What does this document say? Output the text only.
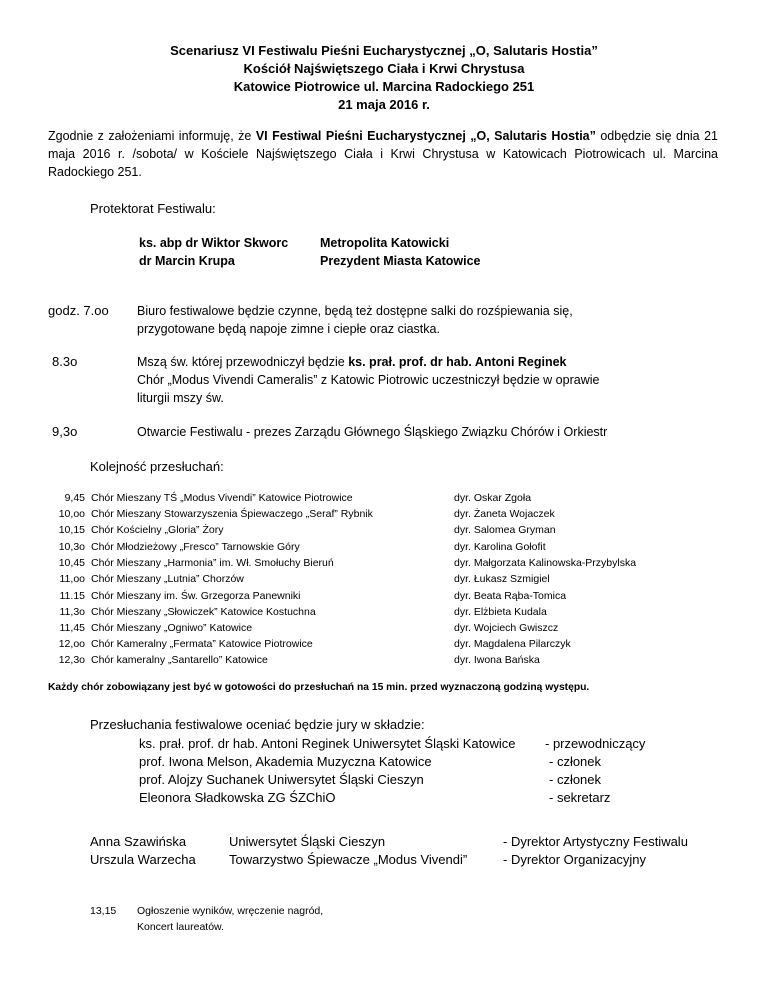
Scenariusz VI Festiwalu Pieśni Eucharystycznej „O, Salutaris Hostia”
Kościół Najświętszego Ciała i Krwi Chrystusa
Katowice Piotrowice ul. Marcina Radockiego 251
21 maja 2016 r.
Zgodnie z założeniami informuję, że VI Festiwal Pieśni Eucharystycznej „O, Salutaris Hostia” odbędzie się dnia 21 maja 2016 r. /sobota/ w Kościele Najświętszego Ciała i Krwi Chrystusa w Katowicach Piotrowicach ul. Marcina Radockiego 251.
Protektorat Festiwalu:
ks. abp dr Wiktor Skworc	Metropolita Katowicki
dr Marcin Krupa	Prezydent Miasta Katowice
godz. 7.oo Biuro festiwalowe będzie czynne, będą też dostępne salki do rozśpiewania się,
przygotowane będą napoje zimne i ciepłe oraz ciastka.
8.3o	Mszą św. której przewodniczył będzie ks. prał. prof. dr hab. Antoni Reginek
Chór „Modus Vivendi Cameralis” z Katowic Piotrowic uczestniczył będzie w oprawie
liturgii mszy św.
9,3o	Otwarcie Festiwalu - prezes Zarządu Głównego Śląskiego Związku Chórów i Orkiestr
Kolejność przesłuchań:
9,45 Chór Mieszany TŚ „Modus Vivendi” Katowice Piotrowice	dyr. Oskar Zgoła
10,oo Chór Mieszany Stowarzyszenia Śpiewaczego „Seraf” Rybnik	dyr. Żaneta Wojaczek
10,15 Chór Kościelny „Gloria” Żory	dyr. Salomea Gryman
10,3o Chór Młodzieżowy „Fresco” Tarnowskie Góry	dyr. Karolina Gołofit
10,45 Chór Mieszany „Harmonia” im. Wł. Smołuchy Bieruń	dyr. Małgorzata Kalinowska-Przybylska
11,oo Chór Mieszany „Lutnia” Chorzów	dyr. Łukasz Szmigiel
11.15 Chór Mieszany im. Św. Grzegorza Panewniki	dyr. Beata Rąba-Tomica
11,3o Chór Mieszany „Słowiczek” Katowice Kostuchna	dyr. Elżbieta Kudala
11,45 Chór Mieszany „Ogniwo” Katowice	dyr. Wojciech Gwiszcz
12,oo Chór Kameralny „Fermata” Katowice Piotrowice	dyr. Magdalena Pilarczyk
12,3o Chór kameralny „Santarello” Katowice	dyr. Iwona Bańska
Każdy chór zobowiązany jest być w gotowości do przesłuchań na 15 min. przed wyznaczoną godziną występu.
Przesłuchania festiwalowe oceniać będzie jury w składzie:
ks. prał. prof. dr hab. Antoni Reginek Uniwersytet Śląski Katowice - przewodniczący
prof. Iwona Melson, Akademia Muzyczna Katowice	- członek
prof. Alojzy Suchanek Uniwersytet Śląski Cieszyn	- członek
Eleonora Sładkowska ZG ŚZChiO	- sekretarz
Anna Szawińska	Uniwersytet Śląski Cieszyn	- Dyrektor Artystyczny Festiwalu
Urszula Warzecha	Towarzystwo Śpiewacze „Modus Vivendi”	- Dyrektor Organizacyjny
13,15 Ogłoszenie wyników, wręczenie nagród,
Koncert laureatów.
